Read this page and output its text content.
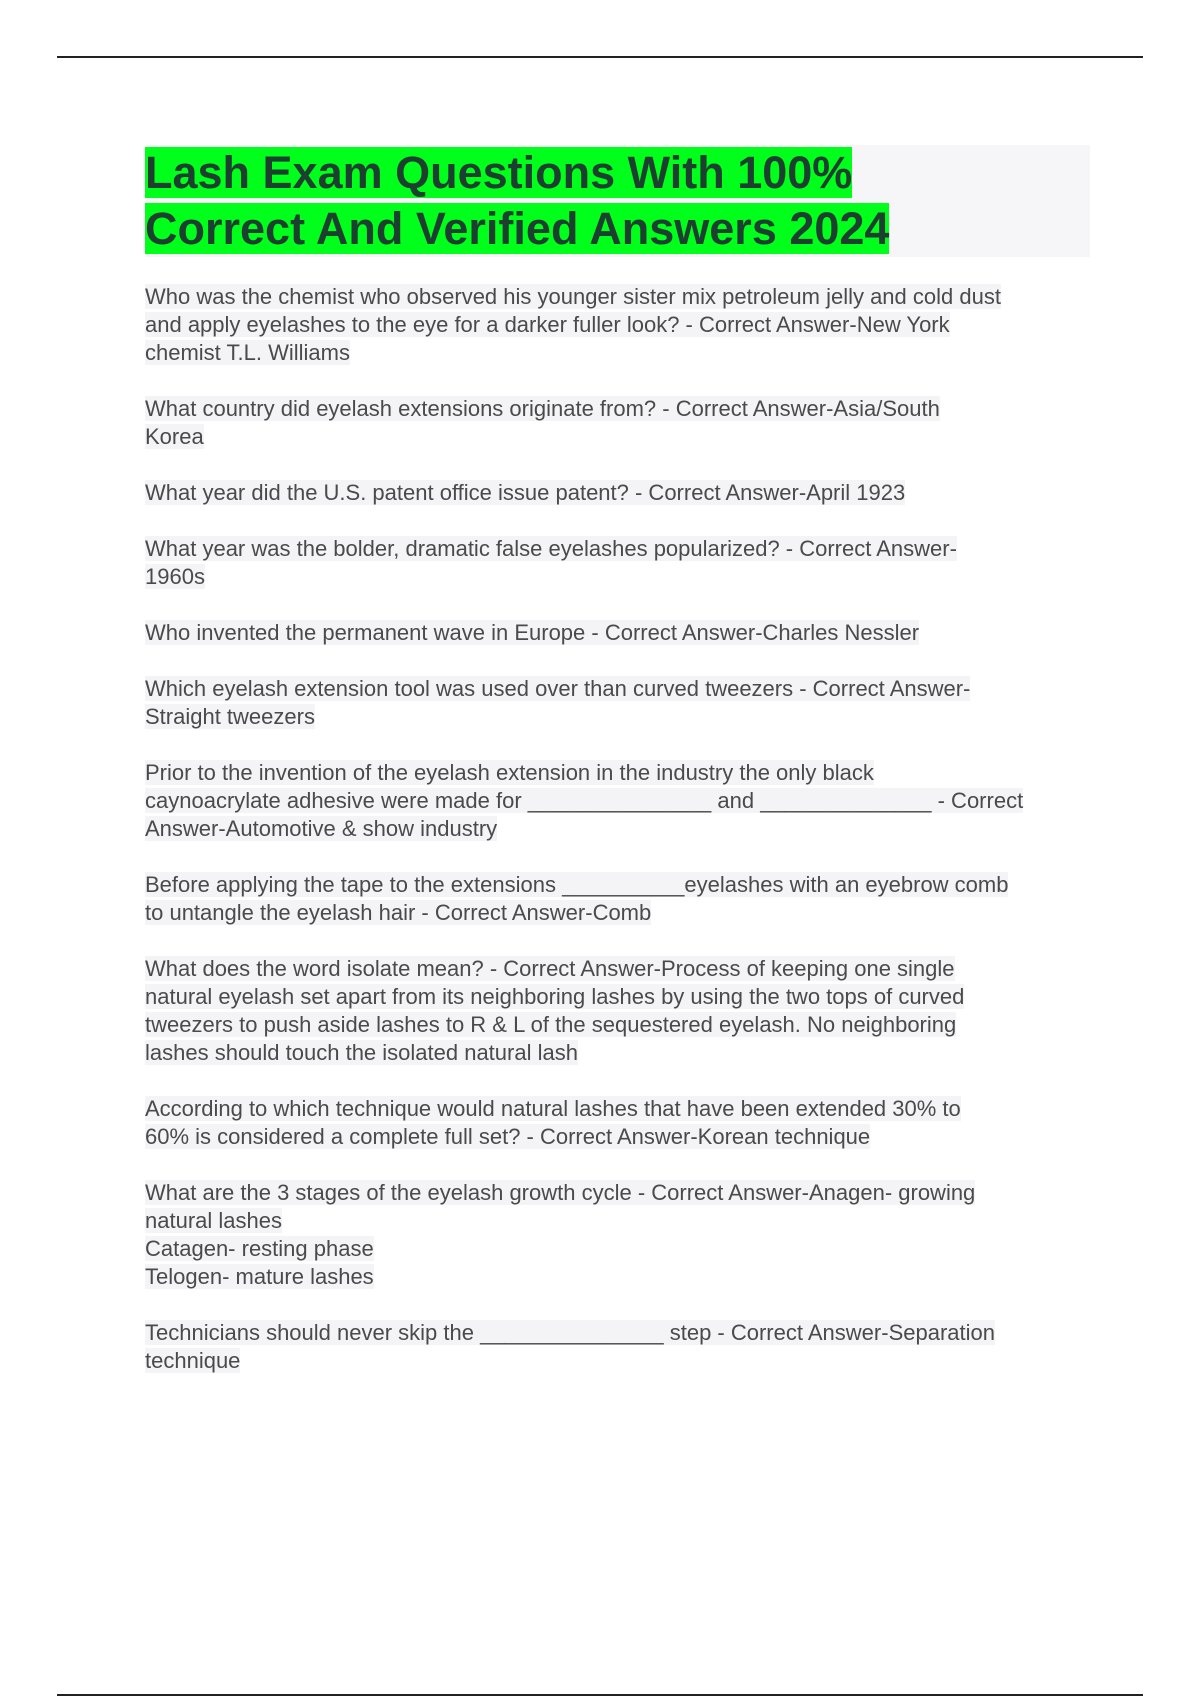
Lash Exam Questions With 100%
Correct And Verified Answers 2024

Who was the chemist who observed his younger sister mix petroleum jelly and cold dust
and apply eyelashes to the eye for a darker fuller look? - Correct Answer-New York
chemist T.L. Williams

What country did eyelash extensions originate from? - Correct Answer-Asia/South
Korea

What year did the U.S. patent office issue patent? - Correct Answer-April 1923

What year was the bolder, dramatic false eyelashes popularized? - Correct Answer-
1960s

Who invented the permanent wave in Europe - Correct Answer-Charles Nessler

Which eyelash extension tool was used over than curved tweezers - Correct Answer-
Straight tweezers

Prior to the invention of the eyelash extension in the industry the only black
caynoacrylate adhesive were made for _______________ and ______________ - Correct
Answer-Automotive & show industry

Before applying the tape to the extensions __________eyelashes with an eyebrow comb
to untangle the eyelash hair - Correct Answer-Comb

What does the word isolate mean? - Correct Answer-Process of keeping one single
natural eyelash set apart from its neighboring lashes by using the two tops of curved
tweezers to push aside lashes to R & L of the sequestered eyelash. No neighboring
lashes should touch the isolated natural lash

According to which technique would natural lashes that have been extended 30% to
60% is considered a complete full set? - Correct Answer-Korean technique

What are the 3 stages of the eyelash growth cycle - Correct Answer-Anagen- growing
natural lashes
Catagen- resting phase
Telogen- mature lashes

Technicians should never skip the _______________ step - Correct Answer-Separation
technique
